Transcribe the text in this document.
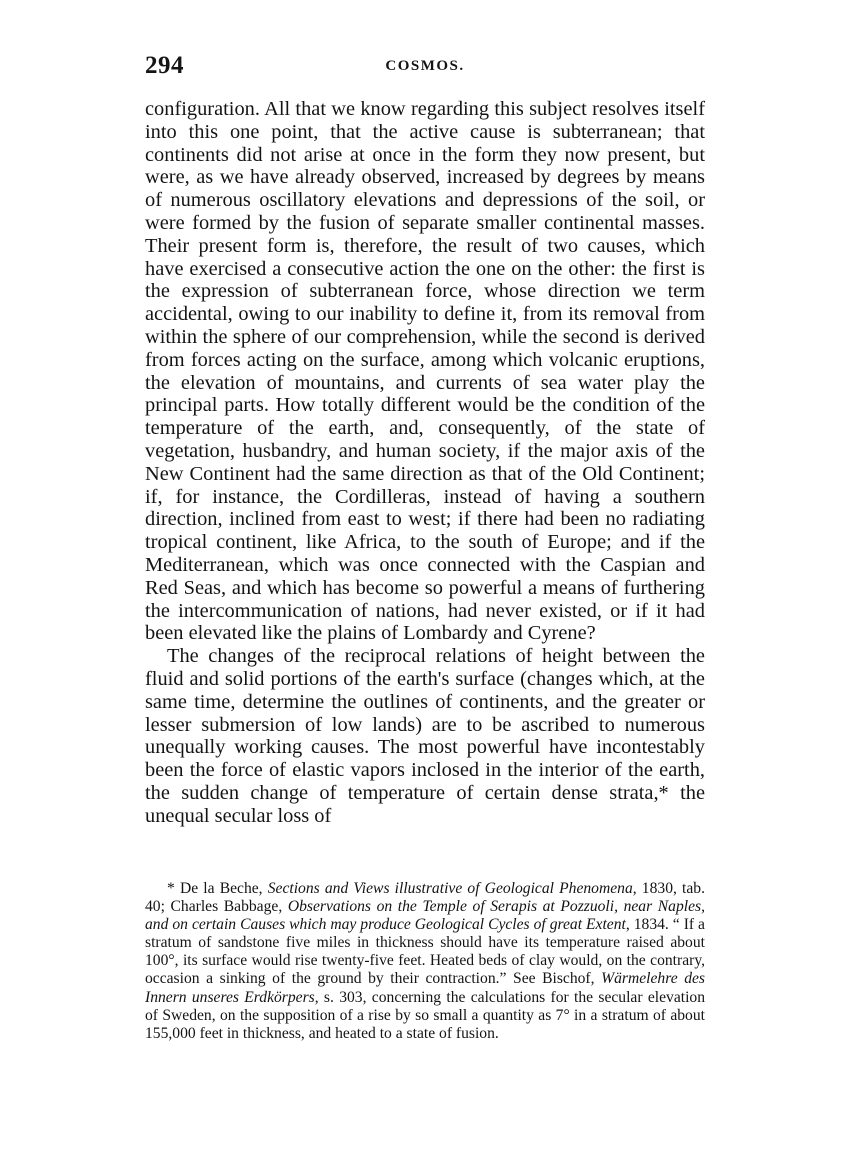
294	COSMOS.

configuration. All that we know regarding this subject resolves itself into this one point, that the active cause is subterranean; that continents did not arise at once in the form they now present, but were, as we have already observed, increased by degrees by means of numerous oscillatory elevations and depressions of the soil, or were formed by the fusion of separate smaller continental masses. Their present form is, therefore, the result of two causes, which have exercised a consecutive action the one on the other: the first is the expression of subterranean force, whose direction we term accidental, owing to our inability to define it, from its removal from within the sphere of our comprehension, while the second is derived from forces acting on the surface, among which volcanic eruptions, the elevation of mountains, and currents of sea water play the principal parts. How totally different would be the condition of the temperature of the earth, and, consequently, of the state of vegetation, husbandry, and human society, if the major axis of the New Continent had the same direction as that of the Old Continent; if, for instance, the Cordilleras, instead of having a southern direction, inclined from east to west; if there had been no radiating tropical continent, like Africa, to the south of Europe; and if the Mediterranean, which was once connected with the Caspian and Red Seas, and which has become so powerful a means of furthering the intercommunication of nations, had never existed, or if it had been elevated like the plains of Lombardy and Cyrene?

The changes of the reciprocal relations of height between the fluid and solid portions of the earth's surface (changes which, at the same time, determine the outlines of continents, and the greater or lesser submersion of low lands) are to be ascribed to numerous unequally working causes. The most powerful have incontestably been the force of elastic vapors inclosed in the interior of the earth, the sudden change of temperature of certain dense strata,* the unequal secular loss of

* De la Beche, Sections and Views illustrative of Geological Phenomena, 1830, tab. 40; Charles Babbage, Observations on the Temple of Serapis at Pozzuoli, near Naples, and on certain Causes which may produce Geological Cycles of great Extent, 1834. “ If a stratum of sandstone five miles in thickness should have its temperature raised about 100°, its surface would rise twenty-five feet. Heated beds of clay would, on the contrary, occasion a sinking of the ground by their contraction.” See Bischof, Wärmelehre des Innern unseres Erdkörpers, s. 303, concerning the calculations for the secular elevation of Sweden, on the supposition of a rise by so small a quantity as 7° in a stratum of about 155,000 feet in thickness, and heated to a state of fusion.
